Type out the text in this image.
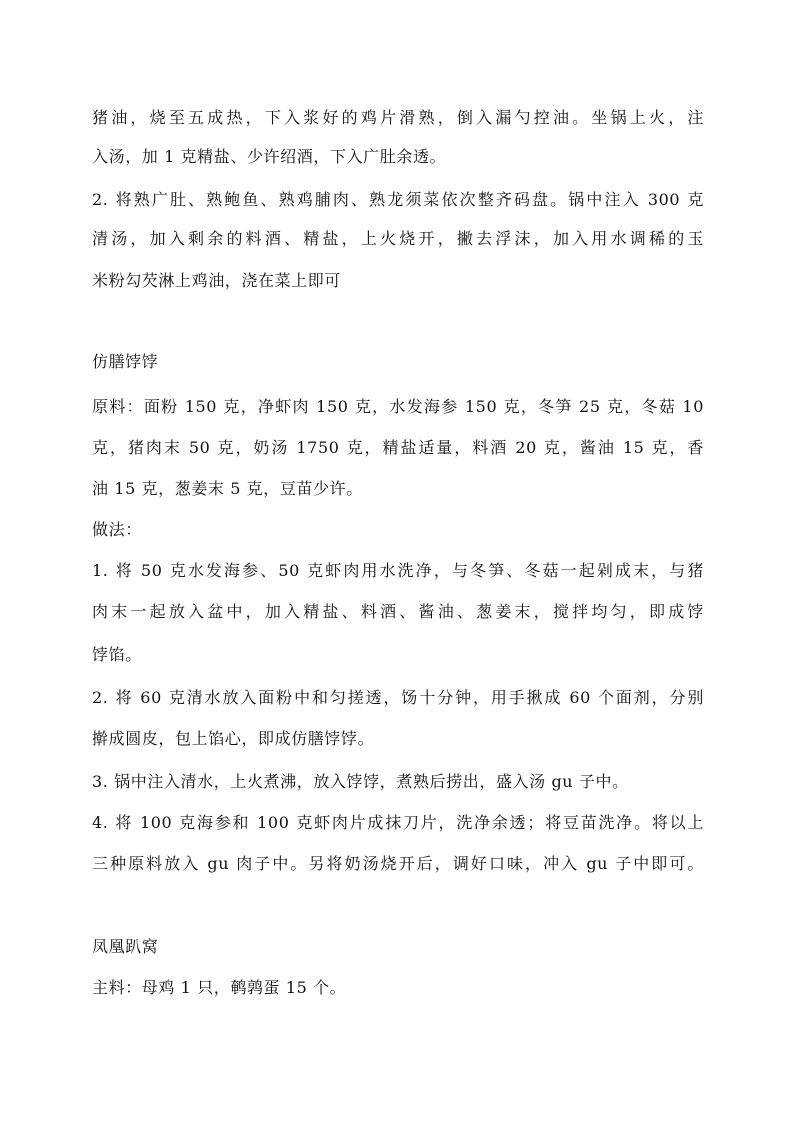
猪油，烧至五成热，下入浆好的鸡片滑熟，倒入漏勺控油。坐锅上火，注
入汤，加 1 克精盐、少许绍酒，下入广肚余透。
2. 将熟广肚、熟鲍鱼、熟鸡脯肉、熟龙须菜依次整齐码盘。锅中注入 300 克
清汤，加入剩余的料酒、精盐，上火烧开，撇去浮沫，加入用水调稀的玉
米粉勾芡淋上鸡油，浇在菜上即可
仿膳饽饽
原料：面粉 150 克，净虾肉 150 克，水发海参 150 克，冬笋 25 克，冬菇 10
克，猪肉末 50 克，奶汤 1750 克，精盐适量，料酒 20 克，酱油 15 克，香
油 15 克，葱姜末 5 克，豆苗少许。
做法：
1. 将 50 克水发海参、50 克虾肉用水洗净，与冬笋、冬菇一起剁成末，与猪
肉末一起放入盆中，加入精盐、料酒、酱油、葱姜末，搅拌均匀，即成饽
饽馅。
2. 将 60 克清水放入面粉中和匀搓透，饧十分钟，用手揪成 60 个面剂，分别
擀成圆皮，包上馅心，即成仿膳饽饽。
3. 锅中注入清水，上火煮沸，放入饽饽，煮熟后捞出，盛入汤 gu 子中。
4. 将 100 克海参和 100 克虾肉片成抹刀片，洗净余透；将豆苗洗净。将以上
三种原料放入 gu 肉子中。另将奶汤烧开后，调好口味，冲入 gu 子中即可。
凤凰趴窝
主料：母鸡 1 只，鹌鹑蛋 15 个。
